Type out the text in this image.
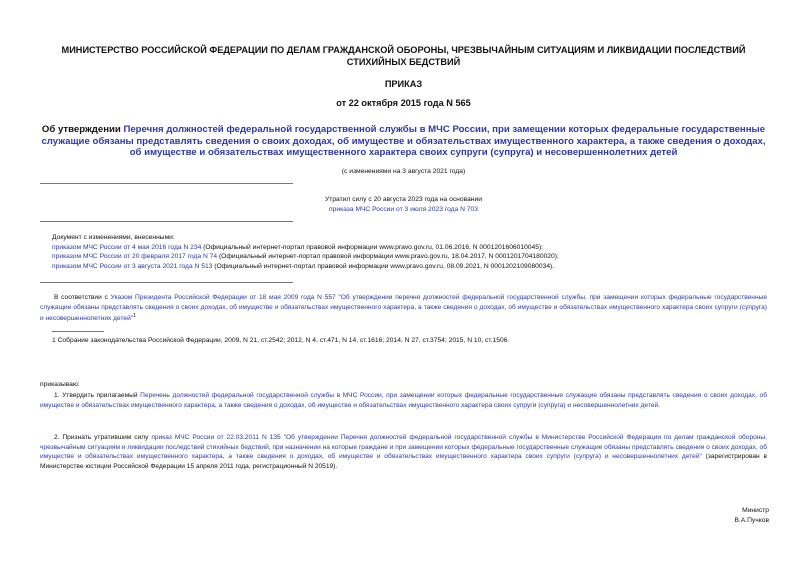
МИНИСТЕРСТВО РОССИЙСКОЙ ФЕДЕРАЦИИ ПО ДЕЛАМ ГРАЖДАНСКОЙ ОБОРОНЫ, ЧРЕЗВЫЧАЙНЫМ СИТУАЦИЯМ И ЛИКВИДАЦИИ ПОСЛЕДСТВИЙ СТИХИЙНЫХ БЕДСТВИЙ
ПРИКАЗ
от 22 октября 2015 года N 565
Об утверждении Перечня должностей федеральной государственной службы в МЧС России, при замещении которых федеральные государственные служащие обязаны представлять сведения о своих доходах, об имуществе и обязательствах имущественного характера, а также сведения о доходах, об имуществе и обязательствах имущественного характера своих супруги (супруга) и несовершеннолетних детей
(с изменениями на 3 августа 2021 года)
Утратил силу с 20 августа 2023 года на основании
приказа МЧС России от 3 июля 2023 года N 703
Документ с изменениями, внесенными:
приказом МЧС России от 4 мая 2016 года N 234 (Официальный интернет-портал правовой информации www.pravo.gov.ru, 01.06.2016, N 0001201606010045);
приказом МЧС России от 20 февраля 2017 года N 74 (Официальный интернет-портал правовой информации www.pravo.gov.ru, 18.04.2017, N 0001201704180020);
приказом МЧС России от 3 августа 2021 года N 513 (Официальный интернет-портал правовой информации www.pravo.gov.ru, 08.09.2021, N 0001202109080034).
В соответствии с Указом Президента Российской Федерации от 18 мая 2009 года N 557 "Об утверждении перечня должностей федеральной государственной службы, при замещении которых федеральные государственные служащие обязаны представлять сведения о своих доходах, об имуществе и обязательствах имущественного характера, а также сведения о доходах, об имуществе и обязательствах имущественного характера своих супруги (супруга) и несовершеннолетних детей"$^1$
1 Собрание законодательства Российской Федерации, 2009, N 21, ст.2542; 2012, N 4, ст.471, N 14, ст.1616; 2014, N 27, ст.3754; 2015, N 10, ст.1506.
приказываю:
1. Утвердить прилагаемый Перечень должностей федеральной государственной службы в МЧС России, при замещении которых федеральные государственные служащие обязаны представлять сведения о своих доходах, об имуществе и обязательствах имущественного характера, а также сведения о доходах, об имуществе и обязательствах имущественного характера своих супруги (супруга) и несовершеннолетних детей.
2. Признать утратившим силу приказ МЧС России от 22.03.2011 N 135 "Об утверждении Перечня должностей федеральной государственной службы в Министерстве Российской Федерации по делам гражданской обороны, чрезвычайным ситуациям и ликвидации последствий стихийных бедствий, при назначении на которые граждане и при замещении которых федеральные государственные служащие обязаны представлять сведения о своих доходах, об имуществе и обязательствах имущественного характера, а также сведения о доходах, об имуществе и обязательствах имущественного характера своих супруги (супруга) и несовершеннолетних детей" (зарегистрирован в Министерстве юстиции Российской Федерации 15 апреля 2011 года, регистрационный N 20519).
Министр
В.А.Пучков
